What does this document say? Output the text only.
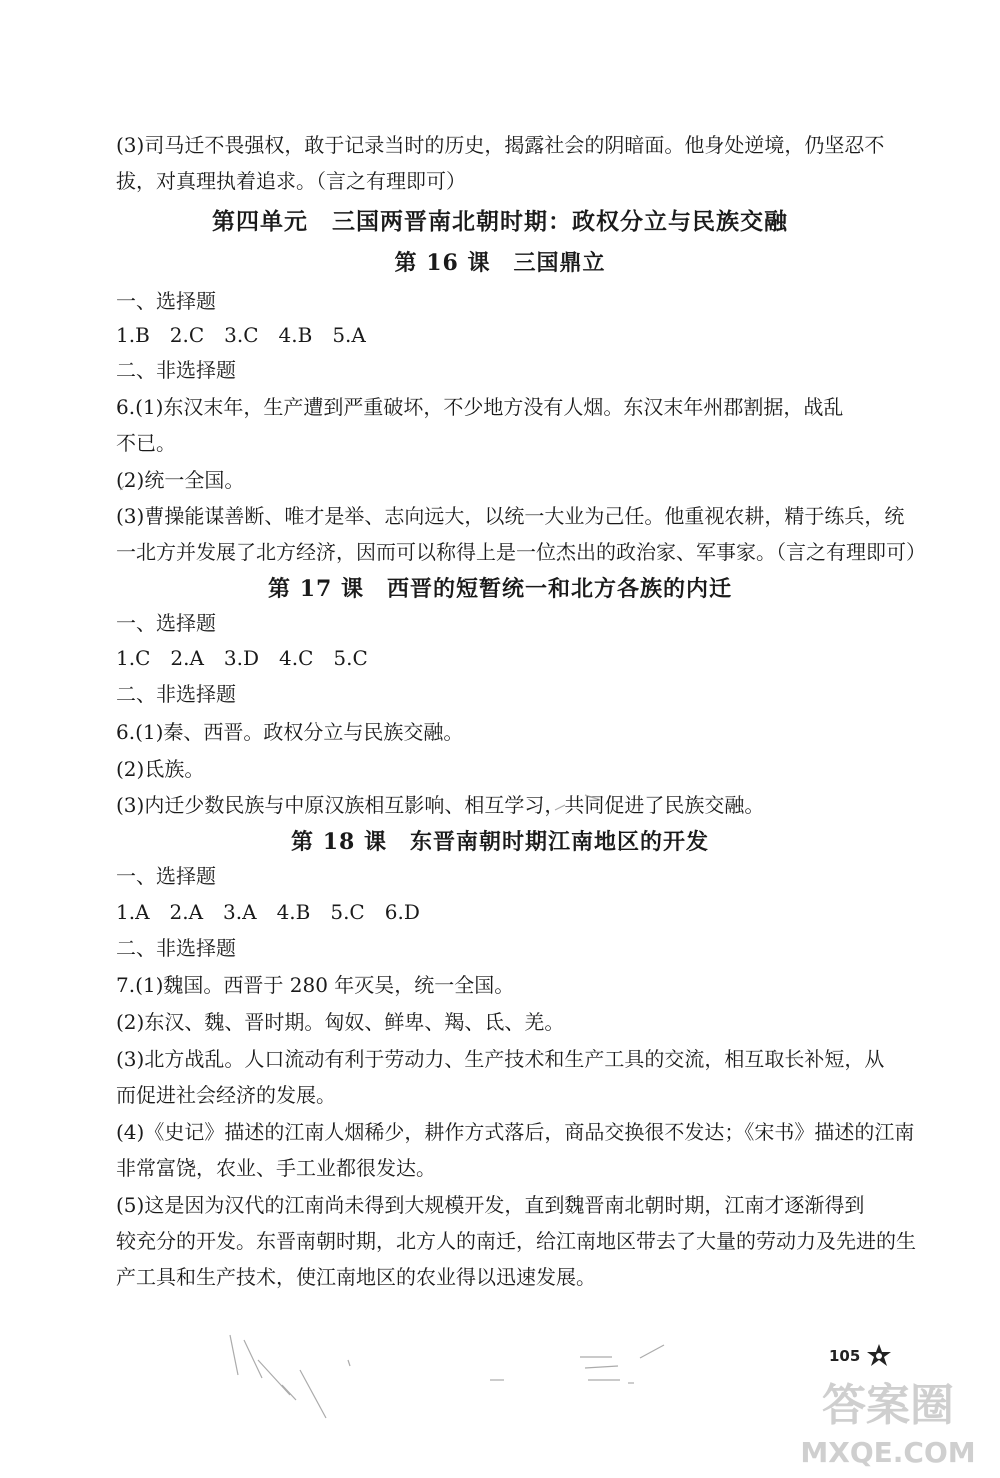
(3)司马迁不畏强权，敢于记录当时的历史，揭露社会的阴暗面。他身处逆境，仍坚忍不
拔，对真理执着追求。（言之有理即可）
第四单元　三国两晋南北朝时期：政权分立与民族交融
第 16 课　三国鼎立
一、选择题
1.B　2.C　3.C　4.B　5.A
二、非选择题
6.(1)东汉末年，生产遭到严重破坏，不少地方没有人烟。东汉末年州郡割据，战乱
不已。
(2)统一全国。
(3)曹操能谋善断、唯才是举、志向远大，以统一大业为己任。他重视农耕，精于练兵，统
一北方并发展了北方经济，因而可以称得上是一位杰出的政治家、军事家。（言之有理即可）
第 17 课　西晋的短暂统一和北方各族的内迁
一、选择题
1.C　2.A　3.D　4.C　5.C
二、非选择题
6.(1)秦、西晋。政权分立与民族交融。
(2)氐族。
(3)内迁少数民族与中原汉族相互影响、相互学习，共同促进了民族交融。
第 18 课　东晋南朝时期江南地区的开发
一、选择题
1.A　2.A　3.A　4.B　5.C　6.D
二、非选择题
7.(1)魏国。西晋于 280 年灭吴，统一全国。
(2)东汉、魏、晋时期。匈奴、鲜卑、羯、氐、羌。
(3)北方战乱。人口流动有利于劳动力、生产技术和生产工具的交流，相互取长补短，从
而促进社会经济的发展。
(4)《史记》描述的江南人烟稀少，耕作方式落后，商品交换很不发达；《宋书》描述的江南
非常富饶，农业、手工业都很发达。
(5)这是因为汉代的江南尚未得到大规模开发，直到魏晋南北朝时期，江南才逐渐得到
较充分的开发。东晋南朝时期，北方人的南迁，给江南地区带去了大量的劳动力及先进的生
产工具和生产技术，使江南地区的农业得以迅速发展。
105
答案圈
MXQE.COM
